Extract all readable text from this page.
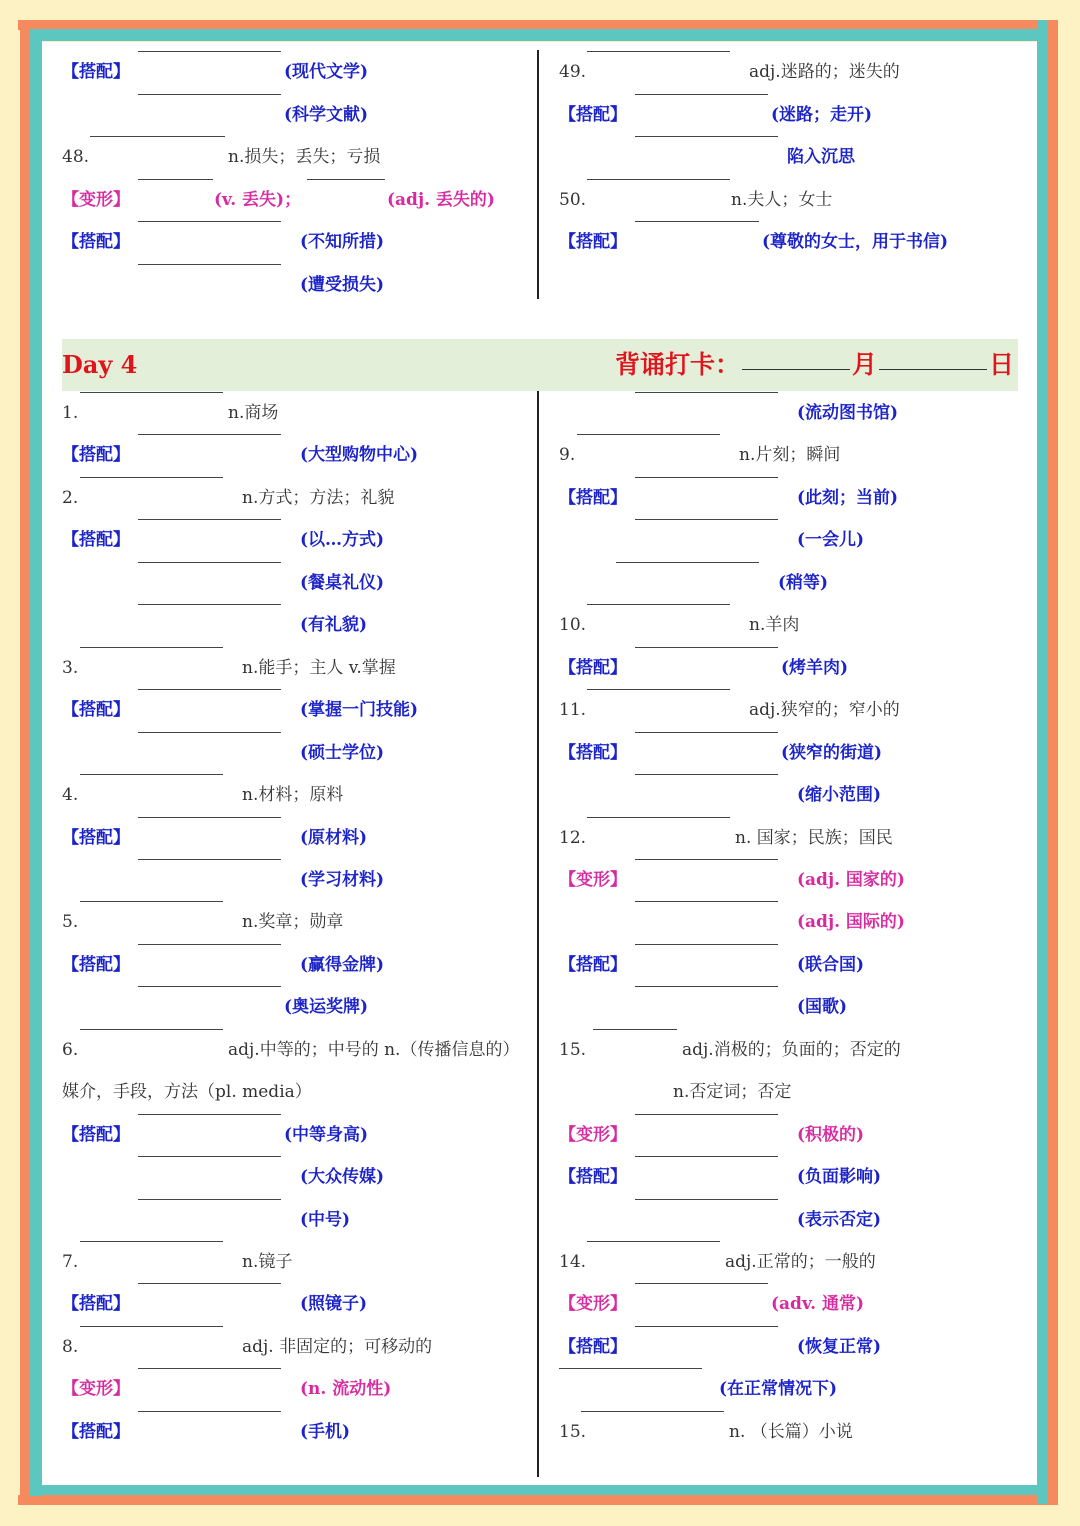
Day 4	背诵打卡：	月	日
【搭配】	(现代文学)
(科学文献)
48.	n.损失；丢失；亏损
【变形】	(v. 丢失)；	(adj. 丢失的)
【搭配】	(不知所措)
(遭受损失)
49.	adj.迷路的；迷失的
【搭配】	(迷路；走开)
陷入沉思
50.	n.夫人；女士
【搭配】	(尊敬的女士，用于书信)
1.	n.商场
【搭配】	(大型购物中心)
2.	n.方式；方法；礼貌
【搭配】	(以…方式)
(餐桌礼仪)
(有礼貌)
3.	n.能手；主人 v.掌握
【搭配】	(掌握一门技能)
(硕士学位)
4.	n.材料；原料
【搭配】	(原材料)
(学习材料)
5.	n.奖章；勋章
【搭配】	(赢得金牌)
(奥运奖牌)
6.	adj.中等的；中号的 n.（传播信息的）
媒介，手段，方法（pl. media）
【搭配】	(中等身高)
(大众传媒)
(中号)
7.	n.镜子
【搭配】	(照镜子)
8.	adj. 非固定的；可移动的
【变形】	(n. 流动性)
【搭配】	(手机)
(流动图书馆)
9.	n.片刻；瞬间
【搭配】	(此刻；当前)
(一会儿)
(稍等)
10.	n.羊肉
【搭配】	(烤羊肉)
11.	adj.狭窄的；窄小的
【搭配】	(狭窄的街道)
(缩小范围)
12.	n. 国家；民族；国民
【变形】	(adj. 国家的)
(adj. 国际的)
【搭配】	(联合国)
(国歌)
15.	adj.消极的；负面的；否定的
n.否定词；否定
【变形】	(积极的)
【搭配】	(负面影响)
(表示否定)
14.	adj.正常的；一般的
【变形】	(adv. 通常)
【搭配】	(恢复正常)
(在正常情况下)
15.	n. （长篇）小说
